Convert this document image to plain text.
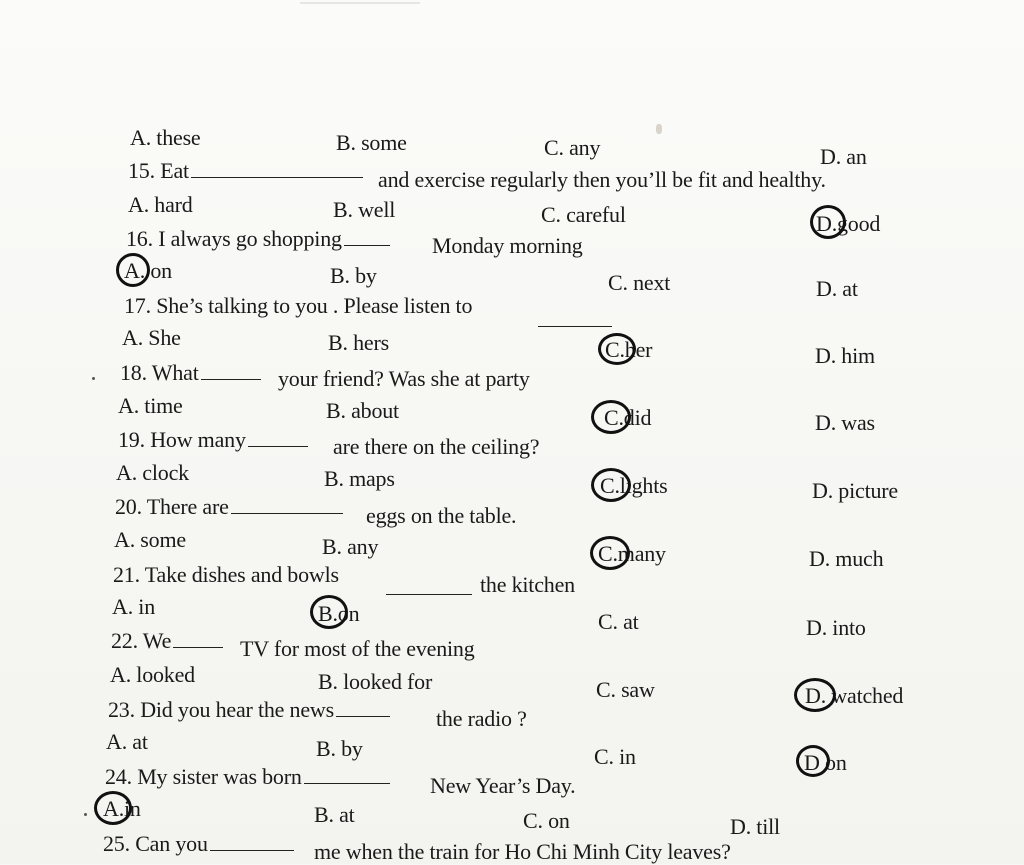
A. these	B. some	C. any	D. an
15. Eat	and exercise regularly then you’ll be fit and healthy.
A. hard	B. well	C. careful	D.good
16. I always go shopping	Monday morning
A. on	B. by	C. next	D. at
17. She’s talking to you . Please listen to
A. She	B. hers	C.her	D. him
18. What	your friend? Was she at party
A. time	B. about	C.did	D. was
19. How many	are there on the ceiling?
A. clock	B. maps	C.lights	D. picture
20. There are	eggs on the table.
A. some	B. any	C.many	D. much
21. Take dishes and bowls	the kitchen
A. in	B.on	C. at	D. into
22. We	TV for most of the evening
A. looked	B. looked for	C. saw	D. watched
23. Did you hear the news	the radio ?
A. at	B. by	C. in	D on
24. My sister was born	New Year’s Day.
A.in	B. at	C. on	D. till
25. Can you	me when the train for Ho Chi Minh City leaves?
